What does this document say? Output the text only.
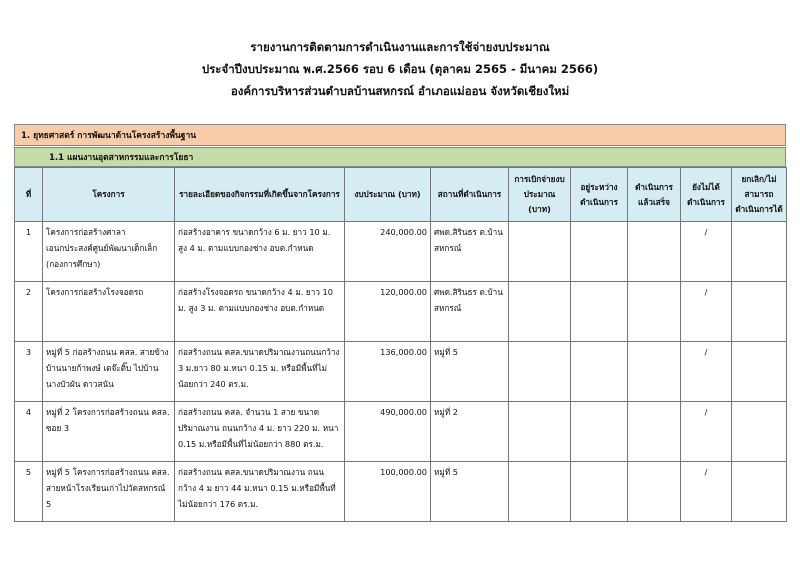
รายงานการติดตามการดำเนินงานและการใช้จ่ายงบประมาณ
ประจำปีงบประมาณ พ.ศ.2566 รอบ 6 เดือน (ตุลาคม 2565 - มีนาคม 2566)
องค์การบริหารส่วนตำบลบ้านสหกรณ์ อำเภอแม่ออน จังหวัดเชียงใหม่
1. ยุทธศาสตร์ การพัฒนาด้านโครงสร้างพื้นฐาน
1.1 แผนงานอุตสาหกรรมและการโยธา
ที่	โครงการ	รายละเอียดของกิจกรรมที่เกิดขึ้นจากโครงการ	งบประมาณ (บาท)	สถานที่ดำเนินการ	การเบิกจ่ายงบประมาณ (บาท)	อยู่ระหว่างดำเนินการ	ดำเนินการแล้วเสร็จ	ยังไม่ได้ดำเนินการ	ยกเลิก/ไม่สามารถดำเนินการได้
1	โครงการก่อสร้างศาลาเอนกประสงค์ศูนย์พัฒนาเด็กเล็ก (กองการศึกษา)	ก่อสร้างอาคาร ขนาดกว้าง 6 ม. ยาว 10 ม. สูง 4 ม. ตามแบบกองช่าง อบต.กำหนด	240,000.00	ศพด.สิรินธร ต.บ้านสหกรณ์				/	
2	โครงการก่อสร้างโรงจอดรถ	ก่อสร้างโรงจอดรถ ขนาดกว้าง 4 ม. ยาว 10 ม. สูง 3 ม. ตามแบบกองช่าง อบต.กำหนด	120,000.00	ศพด.สิรินธร ต.บ้านสหกรณ์				/	
3	หมู่ที่ 5 ก่อสร้างถนน คสล. สายข้างบ้านนายก้าพงษ์ เตจ๊ะติ๊บ ไปบ้านนางบัวผัน ดาวสนัน	ก่อสร้างถนน คสล.ขนาดปริมาณงานถนนกว้าง 3 ม.ยาว 80 ม.หนา 0.15 ม. หรือมีพื้นที่ไม่น้อยกว่า 240 ตร.ม.	136,000.00	หมู่ที่ 5				/	
4	หมู่ที่ 2 โครงการก่อสร้างถนน คสล. ซอย 3	ก่อสร้างถนน คสล. จำนวน 1 สาย ขนาดปริมาณงาน ถนนกว้าง 4 ม. ยาว 220 ม. หนา 0.15 ม.หรือมีพื้นที่ไม่น้อยกว่า 880 ตร.ม.	490,000.00	หมู่ที่ 2				/	
5	หมู่ที่ 5 โครงการก่อสร้างถนน คสล. สายหน้าโรงเรียนเก่าไปวัดสหกรณ์ 5	ก่อสร้างถนน คสล.ขนาดปริมาณงาน ถนนกว้าง 4 ม ยาว 44 ม.หนา 0.15 ม.หรือมีพื้นที่ไม่น้อยกว่า 176 ตร.ม.	100,000.00	หมู่ที่ 5				/	
